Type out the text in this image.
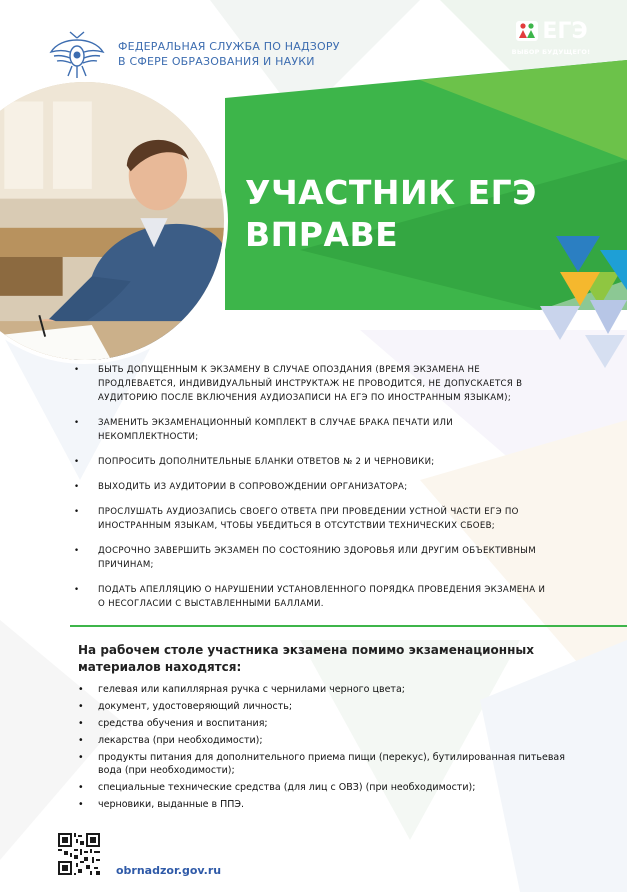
ФЕДЕРАЛЬНАЯ СЛУЖБА ПО НАДЗОРУ
В СФЕРЕ ОБРАЗОВАНИЯ И НАУКИ
ЕГЭ
ВЫБОР БУДУЩЕГО!
УЧАСТНИК ЕГЭ
ВПРАВЕ
• БЫТЬ ДОПУЩЕННЫМ К ЭКЗАМЕНУ В СЛУЧАЕ ОПОЗДАНИЯ (ВРЕМЯ ЭКЗАМЕНА НЕ ПРОДЛЕВАЕТСЯ, ИНДИВИДУАЛЬНЫЙ ИНСТРУКТАЖ НЕ ПРОВОДИТСЯ, НЕ ДОПУСКАЕТСЯ В АУДИТОРИЮ ПОСЛЕ ВКЛЮЧЕНИЯ АУДИОЗАПИСИ НА ЕГЭ ПО ИНОСТРАННЫМ ЯЗЫКАМ);
• ЗАМЕНИТЬ ЭКЗАМЕНАЦИОННЫЙ КОМПЛЕКТ В СЛУЧАЕ БРАКА ПЕЧАТИ ИЛИ НЕКОМПЛЕКТНОСТИ;
• ПОПРОСИТЬ ДОПОЛНИТЕЛЬНЫЕ БЛАНКИ ОТВЕТОВ № 2 И ЧЕРНОВИКИ;
• ВЫХОДИТЬ ИЗ АУДИТОРИИ В СОПРОВОЖДЕНИИ ОРГАНИЗАТОРА;
• ПРОСЛУШАТЬ АУДИОЗАПИСЬ СВОЕГО ОТВЕТА ПРИ ПРОВЕДЕНИИ УСТНОЙ ЧАСТИ ЕГЭ ПО ИНОСТРАННЫМ ЯЗЫКАМ, ЧТОБЫ УБЕДИТЬСЯ В ОТСУТСТВИИ ТЕХНИЧЕСКИХ СБОЕВ;
• ДОСРОЧНО ЗАВЕРШИТЬ ЭКЗАМЕН ПО СОСТОЯНИЮ ЗДОРОВЬЯ ИЛИ ДРУГИМ ОБЪЕКТИВНЫМ ПРИЧИНАМ;
• ПОДАТЬ АПЕЛЛЯЦИЮ О НАРУШЕНИИ УСТАНОВЛЕННОГО ПОРЯДКА ПРОВЕДЕНИЯ ЭКЗАМЕНА И О НЕСОГЛАСИИ С ВЫСТАВЛЕННЫМИ БАЛЛАМИ.
На рабочем столе участника экзамена помимо экзаменационных материалов находятся:
• гелевая или капиллярная ручка с чернилами черного цвета;
• документ, удостоверяющий личность;
• средства обучения и воспитания;
• лекарства (при необходимости);
• продукты питания для дополнительного приема пищи (перекус), бутилированная питьевая вода (при необходимости);
• специальные технические средства (для лиц с ОВЗ) (при необходимости);
• черновики, выданные в ППЭ.
obrnadzor.gov.ru
